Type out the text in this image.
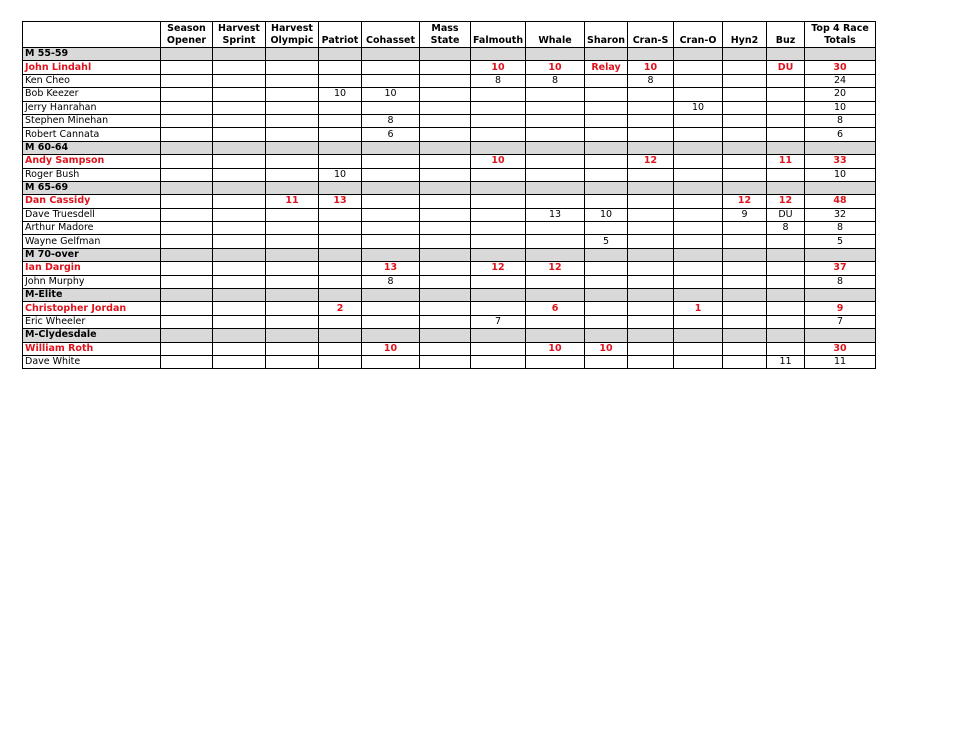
	Season Opener	Harvest Sprint	Harvest Olympic	Patriot	Cohasset	Mass State	Falmouth	Whale	Sharon	Cran-S	Cran-O	Hyn2	Buz	Top 4 Race Totals
M 55-59														
John Lindahl							10	10	Relay	10			DU	30
Ken Cheo							8	8		8				24
Bob Keezer				10	10									20
Jerry Hanrahan											10			10
Stephen Minehan					8									8
Robert Cannata					6									6
M 60-64														
Andy Sampson							10			12			11	33
Roger Bush				10										10
M 65-69														
Dan Cassidy			11	13								12	12	48
Dave Truesdell								13	10			9	DU	32
Arthur Madore													8	8
Wayne Gelfman									5					5
M 70-over														
Ian Dargin					13		12	12						37
John Murphy					8									8
M-Elite														
Christopher Jordan				2				6			1			9
Eric Wheeler							7							7
M-Clydesdale														
William Roth					10			10	10					30
Dave White													11	11
